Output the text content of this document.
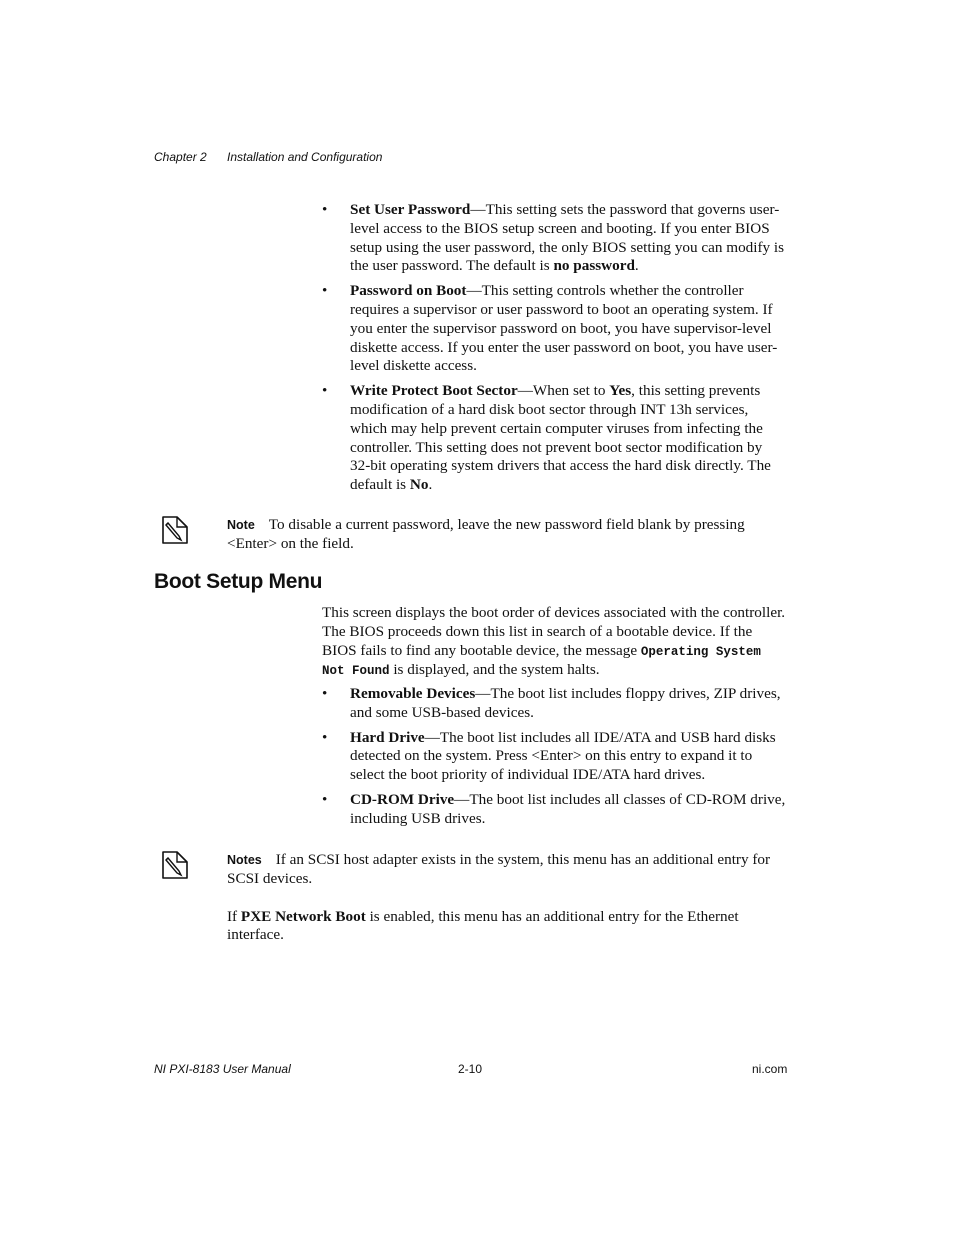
Chapter 2 Installation and Configuration
• Set User Password—This setting sets the password that governs user-level access to the BIOS setup screen and booting. If you enter BIOS setup using the user password, the only BIOS setting you can modify is the user password. The default is no password.
• Password on Boot—This setting controls whether the controller requires a supervisor or user password to boot an operating system. If you enter the supervisor password on boot, you have supervisor-level diskette access. If you enter the user password on boot, you have user-level diskette access.
• Write Protect Boot Sector—When set to Yes, this setting prevents modification of a hard disk boot sector through INT 13h services, which may help prevent certain computer viruses from infecting the controller. This setting does not prevent boot sector modification by 32-bit operating system drivers that access the hard disk directly. The default is No.
Note To disable a current password, leave the new password field blank by pressing <Enter> on the field.
Boot Setup Menu

This screen displays the boot order of devices associated with the controller. The BIOS proceeds down this list in search of a bootable device. If the BIOS fails to find any bootable device, the message Operating System Not Found is displayed, and the system halts.

• Removable Devices—The boot list includes floppy drives, ZIP drives, and some USB-based devices.
• Hard Drive—The boot list includes all IDE/ATA and USB hard disks detected on the system. Press <Enter> on this entry to expand it to select the boot priority of individual IDE/ATA hard drives.
• CD-ROM Drive—The boot list includes all classes of CD-ROM drive, including USB drives.
Notes If an SCSI host adapter exists in the system, this menu has an additional entry for SCSI devices.
If PXE Network Boot is enabled, this menu has an additional entry for the Ethernet interface.
NI PXI-8183 User Manual	2-10	ni.com
